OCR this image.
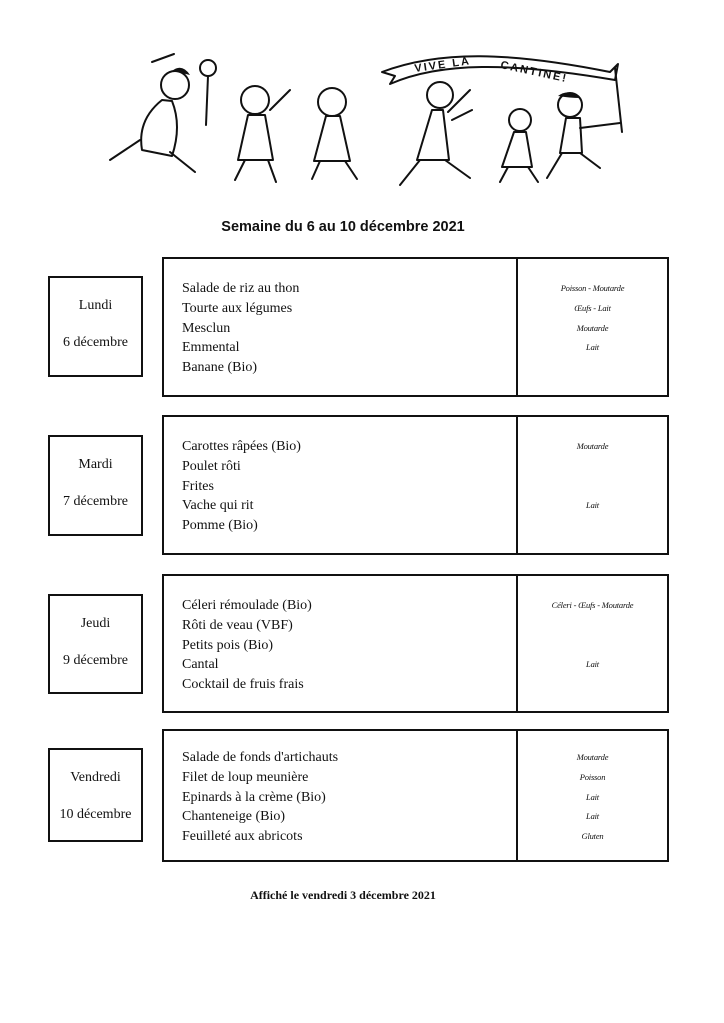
VIVE LA	CANTINE!
Semaine du 6 au 10 décembre 2021
Lundi
6 décembre
Salade de riz au thon
Tourte aux légumes
Mesclun
Emmental
Banane (Bio)
Poisson - Moutarde
Œufs - Lait
Moutarde
Lait
Mardi
7 décembre
Carottes râpées (Bio)
Poulet rôti
Frites
Vache qui rit
Pomme (Bio)
Moutarde
Lait
Jeudi
9 décembre
Céleri rémoulade (Bio)
Rôti de veau (VBF)
Petits pois (Bio)
Cantal
Cocktail de fruis frais
Céleri - Œufs - Moutarde
Lait
Vendredi
10 décembre
Salade de fonds d'artichauts
Filet de loup meunière
Epinards à la crème (Bio)
Chanteneige (Bio)
Feuilleté aux abricots
Moutarde
Poisson
Lait
Lait
Gluten
Affiché le vendredi 3 décembre 2021
